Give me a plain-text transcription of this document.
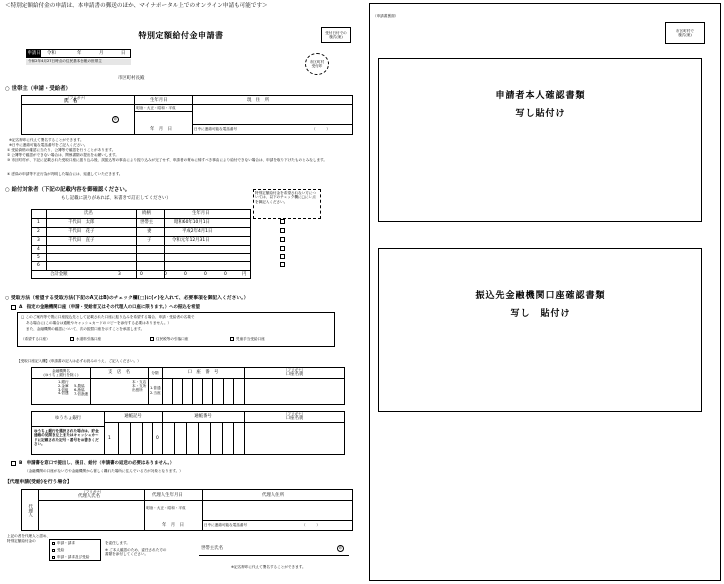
＜特別定額給付金の申請は、本申請書の郵送のほか、マイナポータル上でのオンライン申請も可能です＞
特別定額給付金申請書	受付日付での
様式(案)
市区町村
受付印
申請日 令和	年	月	日
令和2年4月27日時点の住民基本台帳の世帯主
市区町村長殿
○ 世帯主（申請・受給者）
（フリガナ）
氏　名	生年月日	現　住　所
明治・大正・昭和・平成
年　月　日	日中に連絡可能な電話番号	（　　　）
印
※記名押印に代えて署名することができます。
※日中に連絡可能な電話番号をご記入ください。
① 受給資格の確認に当たり、公簿等で確認を行うことがあります。
② 公簿等で確認ができない場合は、関係書類の提出をお願いします。
③ 市区町村が、下記に記載された受取口座に振り込み後、誤振込等の事由により振り込みが完了せず、申請者の責めに帰すべき事由により給付できない場合は、申請を取り下げたものとみなします。
④ 虚偽の申請等不正行為が判明した場合には、返還していただきます。
○ 給付対象者（下記の記載内容を御確認ください。
もし記載に誤りがあれば、朱書きで訂正してください）
特別定額給付金を希望されない方については、以下のチェック欄に□にレ点を御記入ください。
氏名	続柄	生年月日
1	千代田　太郎	世帯主	昭和60年10月1日
2	千代田　花子	妻	平成2年4月1日
3	千代田　直子	子	令和元年12月31日
4
5
6
合計金額	3	0	0	0	0	0	円
○ 受取方法（希望する受取方法(下記のA又はB)のチェック欄(□)に(✔)を入れて、必要事項を御記入ください。）
A　指定の金融機関口座（申請・受給者又はその代理人の口座に限ります。）への振込を希望
□ このご案内等で既に口座振込先として記載された口座に振り込みを希望する場合、申請・受給者の名義で
ある場合に(この場合は通帳やキャッシュカードのコピーを添付する必要はありません。）
また、金融機関の確認について、次の振替口座を示すことを承諾します。
（希望する口座）	水道料引落口座	住民税等の引落口座	児童手当受給口座
【受取口座記入欄】(申請書の記入は必ずお読みのうえ、ご記入ください。）
金融機関名
(ゆうちょ銀行を除く)	支　店　名	分類	口　座　番　号
（フリガナ）
口座名義
1.銀行
2.金庫
3.信組
4.信連
5.農協
6.漁協
7.信漁連
本・支店
本・支所
出張所	1.普通
2.当座
ゆうちょ銀行
ゆうちょ銀行を選択された場合は、貯金通帳の見開き左上またはキャッシュカードに記載された記号・番号をお書きください。
通帳記号	通帳番号
（フリガナ）
口座名義
1	0
B　申請書を窓口で提出し、後日、給付（申請書の返送の必要はありません。）
（金融機関の口座がない方や金融機関から著しく離れた場所に住んでいる方が対象となります。）
【代理申請(受給)を行う場合】
代理人
（フリガナ）
代理人氏名	代理人生年月日	代理人住所
明治・大正・昭和・平成
年　月　日	日中に連絡可能な電話番号	（　　　）
上記の者を代理人と認め、
特別定額給付金の	申請・請求
受給
申請・請求及び受給
を委任します。
※ ご本人確認のため、委任された方の書類を添付してください。
世帯主氏名	印
※記名押印に代えて署名することができます。
（申請書裏面）
市区町村で
様式(案)
申請者本人確認書類
写し貼付け
振込先金融機関口座確認書類
写し　貼付け
